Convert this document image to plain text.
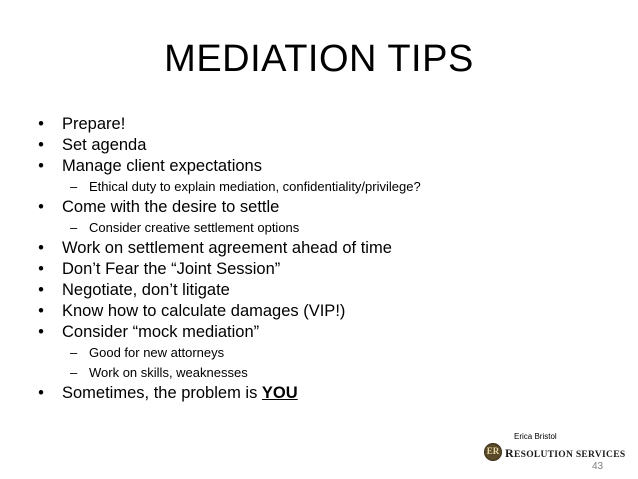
MEDIATION TIPS
• Prepare!
• Set agenda
• Manage client expectations
– Ethical duty to explain mediation, confidentiality/privilege?
• Come with the desire to settle
– Consider creative settlement options
• Work on settlement agreement ahead of time
• Don’t Fear the “Joint Session”
• Negotiate, don’t litigate
• Know how to calculate damages (VIP!)
• Consider “mock mediation”
– Good for new attorneys
– Work on skills, weaknesses
• Sometimes, the problem is YOU
Erica Bristol
ER RESOLUTION SERVICES
43
